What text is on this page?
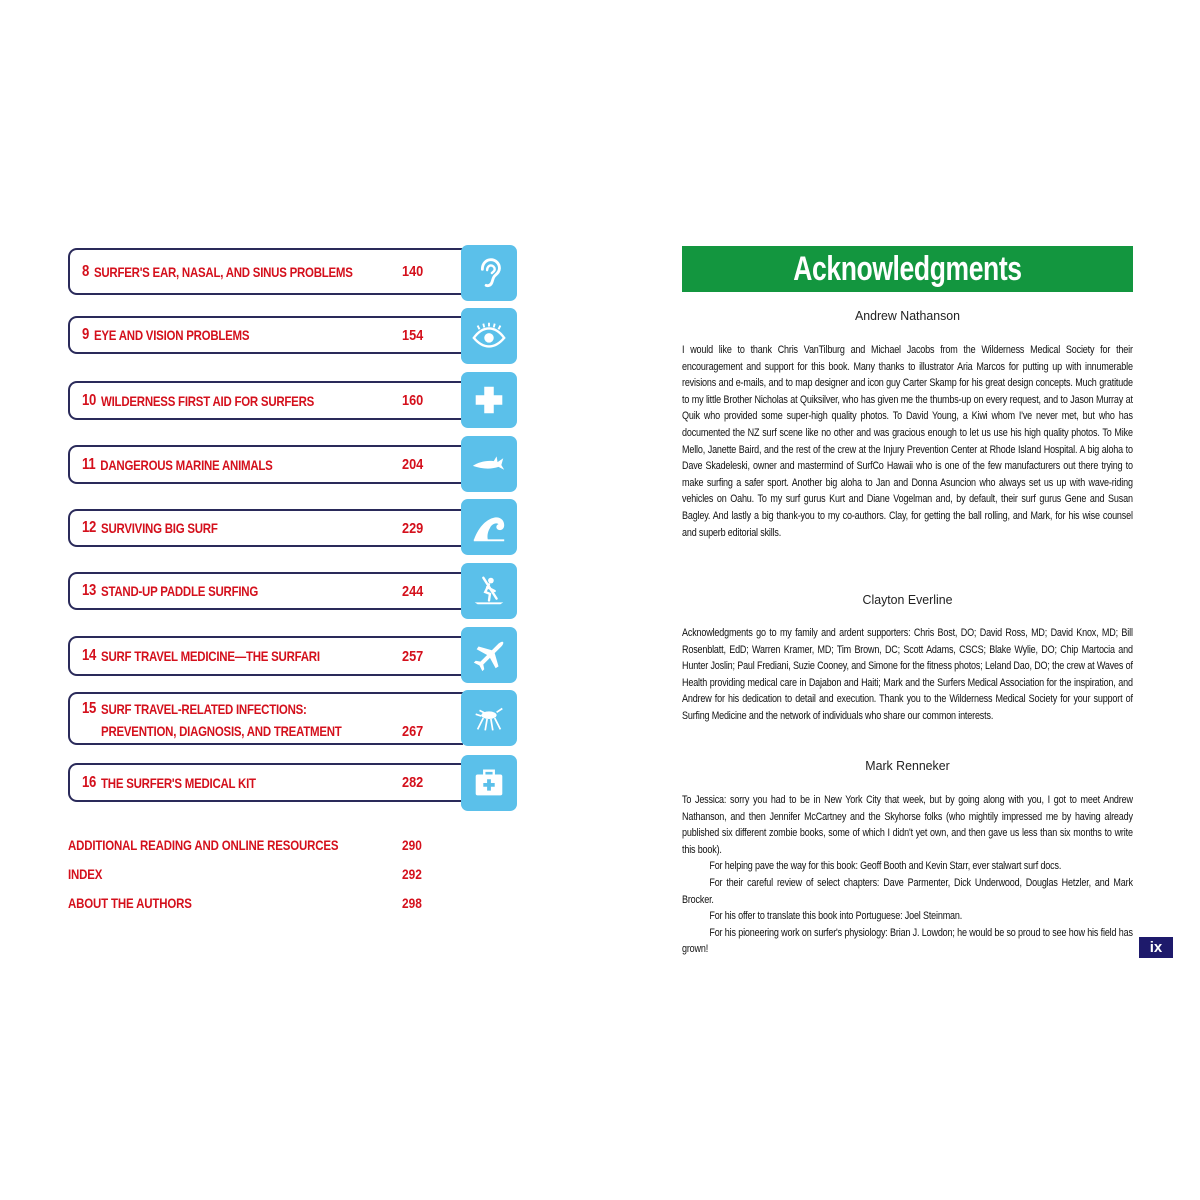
8 SURFER'S EAR, NASAL, AND SINUS PROBLEMS	140
9 EYE AND VISION PROBLEMS	154
10 WILDERNESS FIRST AID FOR SURFERS	160
11 DANGEROUS MARINE ANIMALS	204
12 SURVIVING BIG SURF	229
13 STAND-UP PADDLE SURFING	244
14 SURF TRAVEL MEDICINE—THE SURFARI	257
15 SURF TRAVEL-RELATED INFECTIONS:
PREVENTION, DIAGNOSIS, AND TREATMENT	267
16 THE SURFER'S MEDICAL KIT	282
ADDITIONAL READING AND ONLINE RESOURCES	290
INDEX	292
ABOUT THE AUTHORS	298
Acknowledgments
Andrew Nathanson

I would like to thank Chris VanTilburg and Michael Jacobs from the Wilderness Medical Society for their encouragement and support for this book. Many thanks to illustrator Aria Marcos for putting up with innumerable revisions and e-mails, and to map designer and icon guy Carter Skamp for his great design concepts. Much gratitude to my little Brother Nicholas at Quiksilver, who has given me the thumbs-up on every request, and to Jason Murray at Quik who provided some super-high quality photos. To David Young, a Kiwi whom I've never met, but who has documented the NZ surf scene like no other and was gracious enough to let us use his high quality photos. To Mike Mello, Janette Baird, and the rest of the crew at the Injury Prevention Center at Rhode Island Hospital. A big aloha to Dave Skadeleski, owner and mastermind of SurfCo Hawaii who is one of the few manufacturers out there trying to make surfing a safer sport. Another big aloha to Jan and Donna Asuncion who always set us up with wave-riding vehicles on Oahu. To my surf gurus Kurt and Diane Vogelman and, by default, their surf gurus Gene and Susan Bagley. And lastly a big thank-you to my co-authors. Clay, for getting the ball rolling, and Mark, for his wise counsel and superb editorial skills.

Clayton Everline

Acknowledgments go to my family and ardent supporters: Chris Bost, DO; David Ross, MD; David Knox, MD; Bill Rosenblatt, EdD; Warren Kramer, MD; Tim Brown, DC; Scott Adams, CSCS; Blake Wylie, DO; Chip Martocia and Hunter Joslin; Paul Frediani, Suzie Cooney, and Simone for the fitness photos; Leland Dao, DO; the crew at Waves of Health providing medical care in Dajabon and Haiti; Mark and the Surfers Medical Association for the inspiration, and Andrew for his dedication to detail and execution. Thank you to the Wilderness Medical Society for your support of Surfing Medicine and the network of individuals who share our common interests.

Mark Renneker

To Jessica: sorry you had to be in New York City that week, but by going along with you, I got to meet Andrew Nathanson, and then Jennifer McCartney and the Skyhorse folks (who mightily impressed me by having already published six different zombie books, some of which I didn't yet own, and then gave us less than six months to write this book).

For helping pave the way for this book: Geoff Booth and Kevin Starr, ever stalwart surf docs.

For their careful review of select chapters: Dave Parmenter, Dick Underwood, Douglas Hetzler, and Mark Brocker.

For his offer to translate this book into Portuguese: Joel Steinman.

For his pioneering work on surfer's physiology: Brian J. Lowdon; he would be so proud to see how his field has grown!	ix
